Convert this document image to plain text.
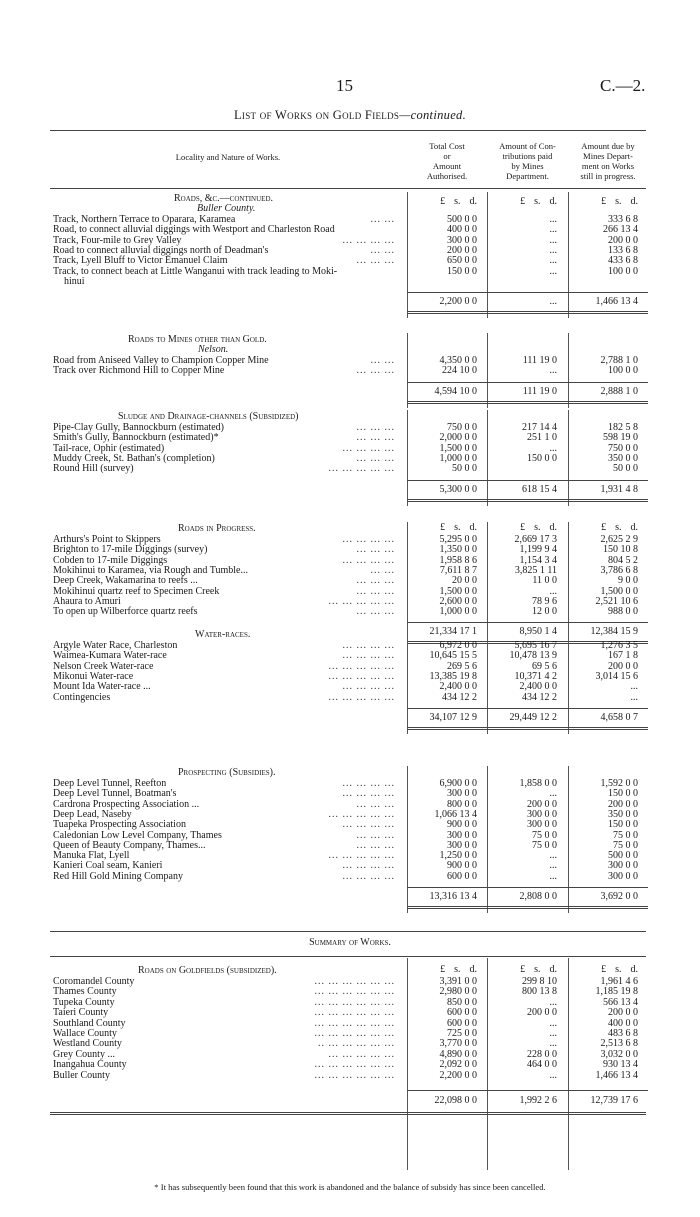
15	C.—2.
List of Works on Gold Fields—continued.
Locality and Nature of Works.
Total Cost
or
Amount
Authorised.
Amount of Con-
tributions paid
by Mines
Department.
Amount due by
Mines Depart-
ment on Works
still in progress.
Roads, &c.—continued.	£ s. d.	£ s. d.	£ s. d.
Buller County.
Track, Northern Terrace to Oparara, Karamea	... ...	500 0 0	...	333 6 8
Road, to connect alluvial diggings with Westport and Charleston Road	400 0 0	...	266 13 4
Track, Four-mile to Grey Valley	... ... ... ...	300 0 0	...	200 0 0
Road to connect alluvial diggings north of Deadman's	... ...	200 0 0	...	133 6 8
Track, Lyell Bluff to Victor Emanuel Claim	... ... ...	650 0 0	...	433 6 8
Track, to connect beach at Little Wanganui with track leading to Moki-	150 0 0	...	100 0 0
hinui
2,200 0 0	...	1,466 13 4
Roads to Mines other than Gold.
Nelson.
Road from Aniseed Valley to Champion Copper Mine	... ...	4,350 0 0	111 19 0	2,788 1 0
Track over Richmond Hill to Copper Mine	... ... ...	224 10 0	...	100 0 0
4,594 10 0	111 19 0	2,888 1 0
Sludge and Drainage-channels (Subsidized)
Pipe-Clay Gully, Bannockburn (estimated)	... ... ...	750 0 0	217 14 4	182 5 8
Smith's Gully, Bannockburn (estimated)*	... ... ...	2,000 0 0	251 1 0	598 19 0
Tail-race, Ophir (estimated)	... ... ... ...	1,500 0 0	...	750 0 0
Muddy Creek, St. Bathan's (completion)	... ... ...	1,000 0 0	150 0 0	350 0 0
Round Hill (survey)	... ... ... ... ...	50 0 0	50 0 0
5,300 0 0	618 15 4	1,931 4 8
Roads in Progress.	£ s. d.	£ s. d.	£ s. d.
Arthurs's Point to Skippers	... ... ... ...	5,295 0 0	2,669 17 3	2,625 2 9
Brighton to 17-mile Diggings (survey)	... ... ...	1,350 0 0	1,199 9 4	150 10 8
Cobden to 17-mile Diggings	... ... ... ...	1,958 8 6	1,154 3 4	804 5 2
Mokihinui to Karamea, via Rough and Tumble...	... ...	7,611 8 7	3,825 1 11	3,786 6 8
Deep Creek, Wakamarina to reefs ...	... ... ...	20 0 0	11 0 0	9 0 0
Mokihinui quartz reef to Specimen Creek	... ... ...	1,500 0 0	...	1,500 0 0
Ahaura to Amuri	... ... ... ... ...	2,600 0 0	78 9 6	2,521 10 6
To open up Wilberforce quartz reefs	... ... ...	1,000 0 0	12 0 0	988 0 0
21,334 17 1	8,950 1 4	12,384 15 9
Water-races.
Argyle Water Race, Charleston	... ... ... ...	6,972 0 0	5,695 16 7	1,276 3 5
Waimea-Kumara Water-race	... ... ... ...	10,645 15 5	10,478 13 9	167 1 8
Nelson Creek Water-race	... ... ... ... ...	269 5 6	69 5 6	200 0 0
Mikonui Water-race	... ... ... ... ...	13,385 19 8	10,371 4 2	3,014 15 6
Mount Ida Water-race ...	... ... ... ...	2,400 0 0	2,400 0 0	...
Contingencies	... ... ... ... ...	434 12 2	434 12 2	...
34,107 12 9	29,449 12 2	4,658 0 7
Prospecting (Subsidies).
Deep Level Tunnel, Reefton	... ... ... ...	6,900 0 0	1,858 0 0	1,592 0 0
Deep Level Tunnel, Boatman's	... ... ... ...	300 0 0	...	150 0 0
Cardrona Prospecting Association ...	... ... ...	800 0 0	200 0 0	200 0 0
Deep Lead, Naseby	... ... ... ... ...	1,066 13 4	300 0 0	350 0 0
Tuapeka Prospecting Association	... ... ... ...	900 0 0	300 0 0	150 0 0
Caledonian Low Level Company, Thames	... ... ...	300 0 0	75 0 0	75 0 0
Queen of Beauty Company, Thames...	... ... ...	300 0 0	75 0 0	75 0 0
Manuka Flat, Lyell	... ... ... ... ...	1,250 0 0	...	500 0 0
Kanieri Coal seam, Kanieri	... ... ... ...	900 0 0	...	300 0 0
Red Hill Gold Mining Company	... ... ... ...	600 0 0	...	300 0 0
13,316 13 4	2,808 0 0	3,692 0 0
Summary of Works.
Roads on Goldfields (subsidized).	£ s. d.	£ s. d.	£ s. d.
Coromandel County	... ... ... ... ... ...	3,391 0 0	299 8 10	1,961 4 6
Thames County	... ... ... ... ... ...	2,980 0 0	800 13 8	1,185 19 8
Tupeka County	... ... ... ... ... ...	850 0 0	...	566 13 4
Taieri County	... ... ... ... ... ...	600 0 0	200 0 0	200 0 0
Southland County	... ... ... ... ... ...	600 0 0	...	400 0 0
Wallace County	... ... ... ... ... ...	725 0 0	...	483 6 8
Westland County	.. ... ... ... ... ...	3,770 0 0	...	2,513 6 8
Grey County ...	... ... ... ... ...	4,890 0 0	228 0 0	3,032 0 0
Inangahua County	... ... ... ... ... ...	2,092 0 0	464 0 0	930 13 4
Buller County	... ... ... ... ... ...	2,200 0 0	...	1,466 13 4
22,098 0 0	1,992 2 6	12,739 17 6
* It has subsequently been found that this work is abandoned and the balance of subsidy has since been cancelled.
